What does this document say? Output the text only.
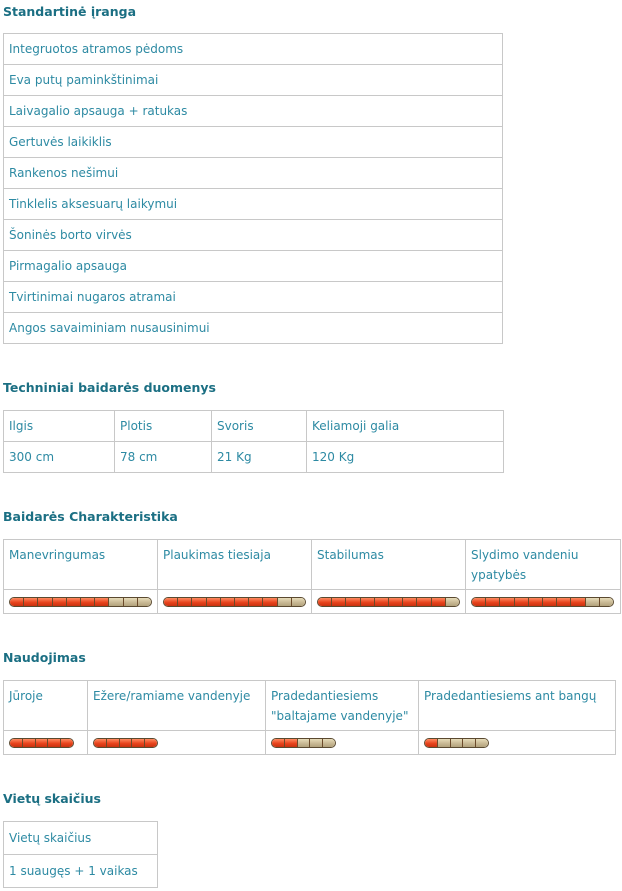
Standartinė įranga
Integruotos atramos pėdoms
Eva putų paminkštinimai
Laivagalio apsauga + ratukas
Gertuvės laikiklis
Rankenos nešimui
Tinklelis aksesuarų laikymui
Šoninės borto virvės
Pirmagalio apsauga
Tvirtinimai nugaros atramai
Angos savaiminiam nusausinimui
Techniniai baidarės duomenys
Ilgis	Plotis	Svoris	Keliamoji galia
300 cm	78 cm	21 Kg	120 Kg
Baidarės Charakteristika
Manevringumas	Plaukimas tiesiaja	Stabilumas	Slydimo vandeniu ypatybės

Naudojimas
Jūroje	Ežere/ramiame vandenyje	Pradedantiesiems "baltajame vandenyje"	Pradedantiesiems ant bangų

Vietų skaičius
Vietų skaičius
1 suaugęs + 1 vaikas
